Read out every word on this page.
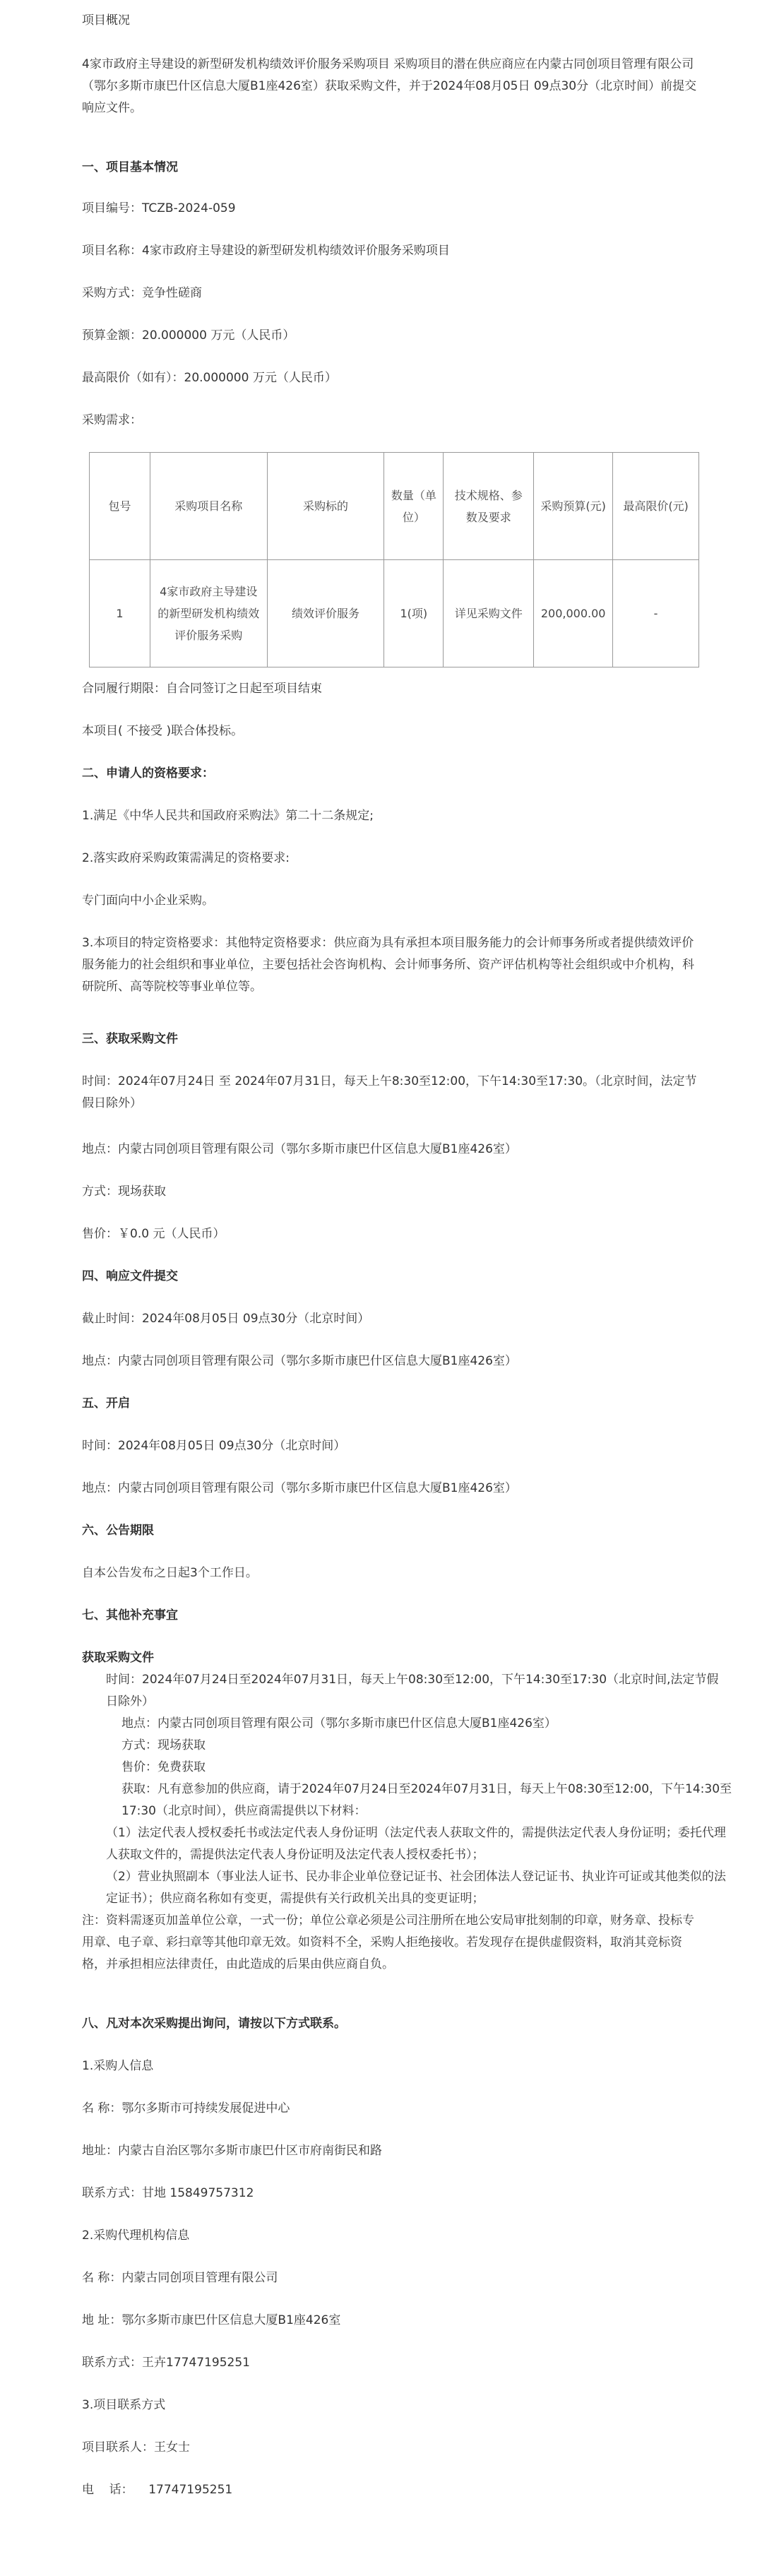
项目概况

4家市政府主导建设的新型研发机构绩效评价服务采购项目 采购项目的潜在供应商应在内蒙古同创项目管理有限公司（鄂尔多斯市康巴什区信息大厦B1座426室）获取采购文件，并于2024年08月05日 09点30分（北京时间）前提交响应文件。

一、项目基本情况

项目编号：TCZB-2024-059

项目名称：4家市政府主导建设的新型研发机构绩效评价服务采购项目

采购方式：竞争性磋商

预算金额：20.000000 万元（人民币）

最高限价（如有）：20.000000 万元（人民币）

采购需求：

包号	采购项目名称	采购标的	数量（单位）	技术规格、参数及要求	采购预算(元)	最高限价(元)
1	4家市政府主导建设的新型研发机构绩效评价服务采购	绩效评价服务	1(项)	详见采购文件	200,000.00	-

合同履行期限：自合同签订之日起至项目结束

本项目( 不接受 )联合体投标。

二、申请人的资格要求：

1.满足《中华人民共和国政府采购法》第二十二条规定;

2.落实政府采购政策需满足的资格要求:

专门面向中小企业采购。

3.本项目的特定资格要求：其他特定资格要求：供应商为具有承担本项目服务能力的会计师事务所或者提供绩效评价服务能力的社会组织和事业单位，主要包括社会咨询机构、会计师事务所、资产评估机构等社会组织或中介机构，科研院所、高等院校等事业单位等。

三、获取采购文件

时间：2024年07月24日 至 2024年07月31日，每天上午8:30至12:00，下午14:30至17:30。（北京时间，法定节假日除外）

地点：内蒙古同创项目管理有限公司（鄂尔多斯市康巴什区信息大厦B1座426室）

方式：现场获取

售价：￥0.0 元（人民币）

四、响应文件提交

截止时间：2024年08月05日 09点30分（北京时间）

地点：内蒙古同创项目管理有限公司（鄂尔多斯市康巴什区信息大厦B1座426室）

五、开启

时间：2024年08月05日 09点30分（北京时间）

地点：内蒙古同创项目管理有限公司（鄂尔多斯市康巴什区信息大厦B1座426室）

六、公告期限

自本公告发布之日起3个工作日。

七、其他补充事宜

获取采购文件

时间：2024年07月24日至2024年07月31日，每天上午08:30至12:00，下午14:30至17:30（北京时间,法定节假日除外）

地点：内蒙古同创项目管理有限公司（鄂尔多斯市康巴什区信息大厦B1座426室）

方式：现场获取

售价：免费获取

获取：凡有意参加的供应商，请于2024年07月24日至2024年07月31日，每天上午08:30至12:00，下午14:30至17:30（北京时间），供应商需提供以下材料：

（1）法定代表人授权委托书或法定代表人身份证明（法定代表人获取文件的，需提供法定代表人身份证明；委托代理人获取文件的，需提供法定代表人身份证明及法定代表人授权委托书）；

（2）营业执照副本（事业法人证书、民办非企业单位登记证书、社会团体法人登记证书、执业许可证或其他类似的法定证书）；供应商名称如有变更，需提供有关行政机关出具的变更证明；

注：资料需逐页加盖单位公章，一式一份；单位公章必须是公司注册所在地公安局审批刻制的印章，财务章、投标专用章、电子章、彩扫章等其他印章无效。如资料不全，采购人拒绝接收。若发现存在提供虚假资料，取消其竞标资格，并承担相应法律责任，由此造成的后果由供应商自负。

八、凡对本次采购提出询问，请按以下方式联系。

1.采购人信息

名 称：鄂尔多斯市可持续发展促进中心

地址：内蒙古自治区鄂尔多斯市康巴什区市府南街民和路

联系方式：甘地 15849757312

2.采购代理机构信息

名 称：内蒙古同创项目管理有限公司

地 址：鄂尔多斯市康巴什区信息大厦B1座426室

联系方式：王卉17747195251

3.项目联系方式

项目联系人：王女士

电    话：    17747195251
